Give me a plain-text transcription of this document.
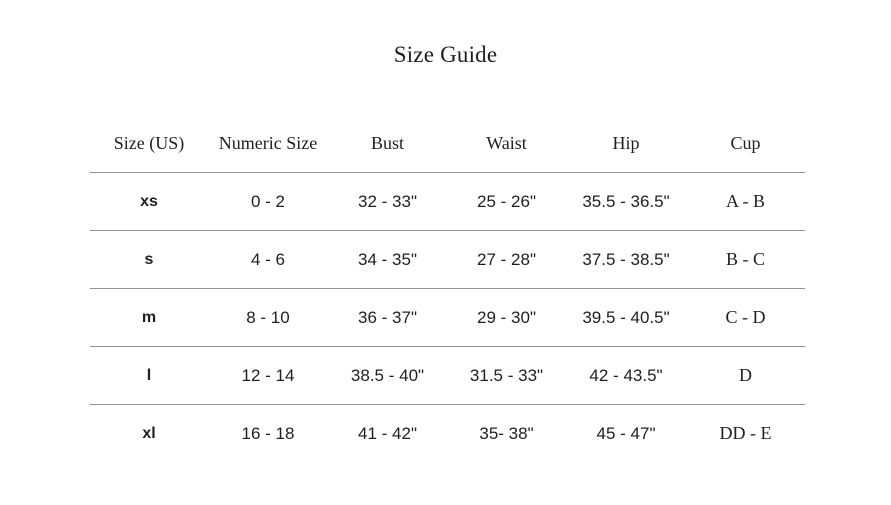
Size Guide
Size (US)	Numeric Size	Bust	Waist	Hip	Cup
xs	0 - 2	32 - 33"	25 - 26"	35.5 - 36.5"	A - B
s	4 - 6	34 - 35"	27 - 28"	37.5 - 38.5"	B - C
m	8 - 10	36 - 37"	29 - 30"	39.5 - 40.5"	C - D
l	12 - 14	38.5 - 40"	31.5 - 33"	42 - 43.5"	D
xl	16 - 18	41 - 42"	35- 38"	45 - 47"	DD - E
